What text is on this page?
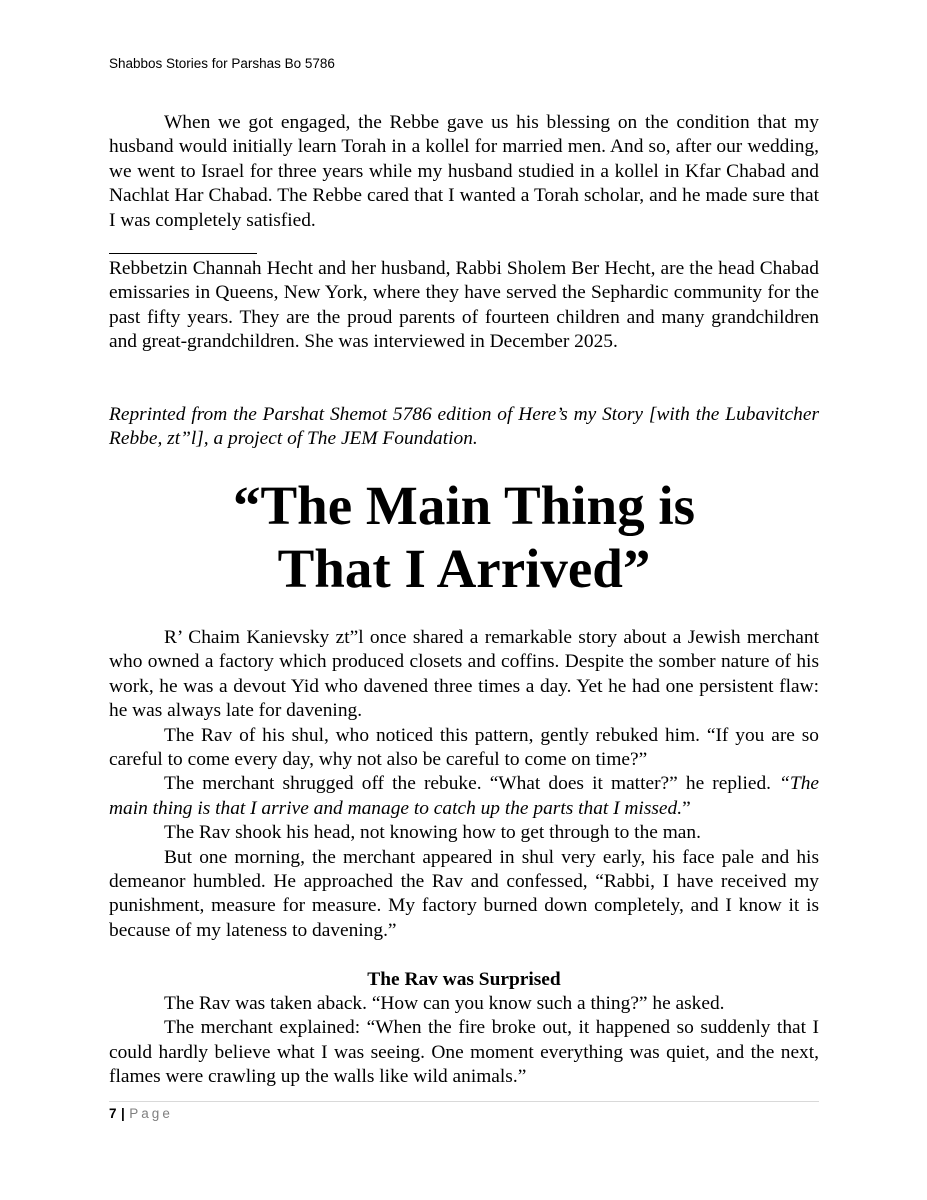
Shabbos Stories for Parshas Bo 5786

When we got engaged, the Rebbe gave us his blessing on the condition that my husband would initially learn Torah in a kollel for married men. And so, after our wedding, we went to Israel for three years while my husband studied in a kollel in Kfar Chabad and Nachlat Har Chabad. The Rebbe cared that I wanted a Torah scholar, and he made sure that I was completely satisfied.

Rebbetzin Channah Hecht and her husband, Rabbi Sholem Ber Hecht, are the head Chabad emissaries in Queens, New York, where they have served the Sephardic community for the past fifty years. They are the proud parents of fourteen children and many grandchildren and great-grandchildren. She was interviewed in December 2025.

Reprinted from the Parshat Shemot 5786 edition of Here’s my Story [with the Lubavitcher Rebbe, zt”l], a project of The JEM Foundation.

“The Main Thing is
That I Arrived”

R’ Chaim Kanievsky zt”l once shared a remarkable story about a Jewish merchant who owned a factory which produced closets and coffins. Despite the somber nature of his work, he was a devout Yid who davened three times a day. Yet he had one persistent flaw: he was always late for davening.

The Rav of his shul, who noticed this pattern, gently rebuked him. “If you are so careful to come every day, why not also be careful to come on time?”

The merchant shrugged off the rebuke. “What does it matter?” he replied. “The main thing is that I arrive and manage to catch up the parts that I missed.”

The Rav shook his head, not knowing how to get through to the man.

But one morning, the merchant appeared in shul very early, his face pale and his demeanor humbled. He approached the Rav and confessed, “Rabbi, I have received my punishment, measure for measure. My factory burned down completely, and I know it is because of my lateness to davening.”

The Rav was Surprised

The Rav was taken aback. “How can you know such a thing?” he asked.

The merchant explained: “When the fire broke out, it happened so suddenly that I could hardly believe what I was seeing. One moment everything was quiet, and the next, flames were crawling up the walls like wild animals.”

7 | Page
